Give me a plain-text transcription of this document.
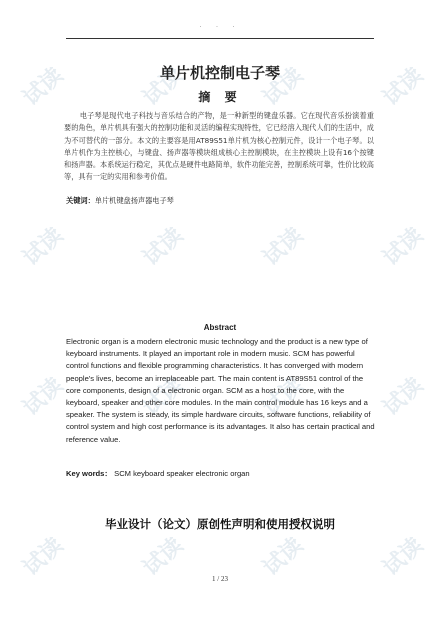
试读	试读	试读	试读
试读	试读	试读	试读
试读	试读	试读	试读
试读	试读	试读	试读
. . .
单片机控制电子琴
摘 要

电子琴是现代电子科技与音乐结合的产物，是一种新型的键盘乐器。它在现代音乐扮演着重要的角色，单片机具有强大的控制功能和灵活的编程实现特性，它已经溶入现代人们的生活中，成为不可替代的一部分。本文的主要容是用AT89S51单片机为核心控制元件，设计一个电子琴。以单片机作为主控核心，与键盘、扬声器等模块组成核心主控制模块，在主控模块上设有16个按键和扬声器。本系统运行稳定，其优点是硬件电路简单，软件功能完善，控制系统可靠，性价比较高等，具有一定的实用和参考价值。

关键词：单片机键盘扬声器电子琴
Abstract

Electronic organ is a modern electronic music technology and the product is a new type of keyboard instruments. It played an important role in modern music. SCM has powerful control functions and flexible programming characteristics. It has converged with modern people's lives, become an irreplaceable part. The main content is AT89S51 control of the core components, design of a electronic organ. SCM as a host to the core, with the keyboard, speaker and other core modules. In the main control module has 16 keys and a speaker. The system is steady, its simple hardware circuits, software functions, reliability of control system and high cost performance is its advantages. It also has certain practical and reference value.

Key words： SCM keyboard speaker electronic organ
毕业设计（论文）原创性声明和使用授权说明
1 / 23
